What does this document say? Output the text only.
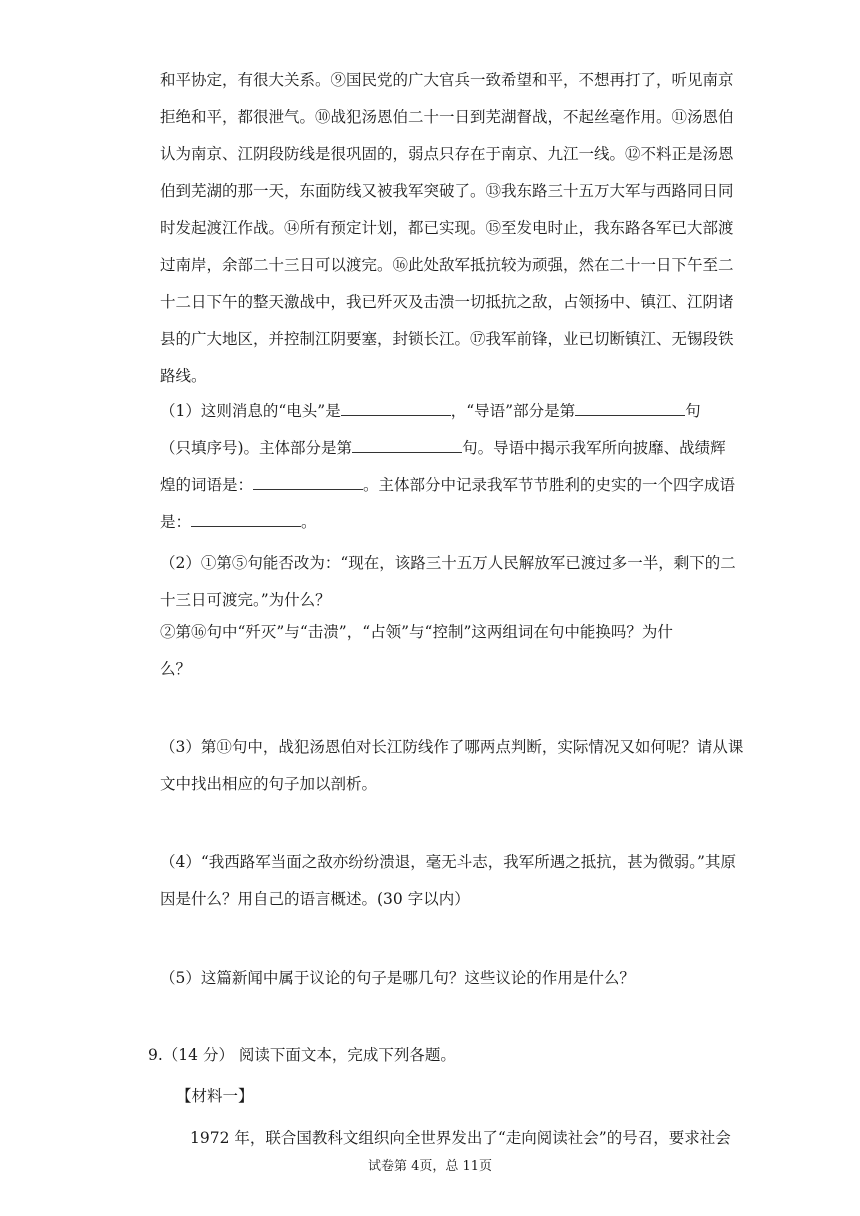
和平协定，有很大关系。⑨国民党的广大官兵一致希望和平，不想再打了，听见南京
拒绝和平，都很泄气。⑩战犯汤恩伯二十一日到芜湖督战，不起丝毫作用。⑪汤恩伯
认为南京、江阴段防线是很巩固的，弱点只存在于南京、九江一线。⑫不料正是汤恩
伯到芜湖的那一天，东面防线又被我军突破了。⑬我东路三十五万大军与西路同日同
时发起渡江作战。⑭所有预定计划，都已实现。⑮至发电时止，我东路各军已大部渡
过南岸，余部二十三日可以渡完。⑯此处敌军抵抗较为顽强，然在二十一日下午至二
十二日下午的整天激战中，我已歼灭及击溃一切抵抗之敌，占领扬中、镇江、江阴诸
县的广大地区，并控制江阴要塞，封锁长江。⑰我军前锋，业已切断镇江、无锡段铁
路线。
（1）这则消息的“电头”是	，“导语”部分是第	句
（只填序号)。主体部分是第	句。导语中揭示我军所向披靡、战绩辉
煌的词语是：	。主体部分中记录我军节节胜利的史实的一个四字成语
是：	。
（2）①第⑤句能否改为：“现在，该路三十五万人民解放军已渡过多一半，剩下的二
十三日可渡完。”为什么？
②第⑯句中“歼灭”与“击溃”，“占领”与“控制”这两组词在句中能换吗？为什
么？
（3）第⑪句中，战犯汤恩伯对长江防线作了哪两点判断，实际情况又如何呢？请从课
文中找出相应的句子加以剖析。
（4）“我西路军当面之敌亦纷纷溃退，毫无斗志，我军所遇之抵抗，甚为微弱。”其原
因是什么？用自己的语言概述。(30 字以内）
（5）这篇新闻中属于议论的句子是哪几句？这些议论的作用是什么？
9.（14 分） 阅读下面文本，完成下列各题。
【材料一】
1972 年，联合国教科文组织向全世界发出了“走向阅读社会”的号召，要求社会
试卷第 4页，总 11页
